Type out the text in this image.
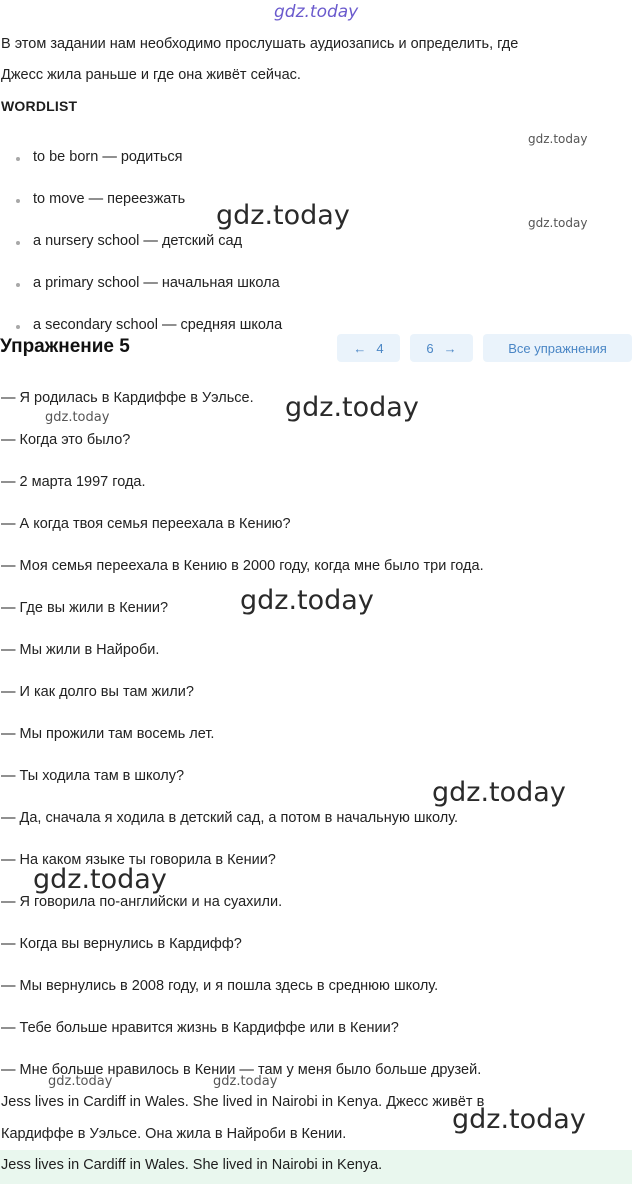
gdz.today
В этом задании нам необходимо прослушать аудиозапись и определить, где
Джесс жила раньше и где она живёт сейчас.
WORDLIST
to be born — родиться
to move — переезжать
a nursery school — детский сад
a primary school — начальная школа
a secondary school — средняя школа
Упражнение 5	← 4	6 →	Все упражнения
— Я родилась в Кардиффе в Уэльсе.
— Когда это было?
— 2 марта 1997 года.
— А когда твоя семья переехала в Кению?
— Моя семья переехала в Кению в 2000 году, когда мне было три года.
— Где вы жили в Кении?
— Мы жили в Найроби.
— И как долго вы там жили?
— Мы прожили там восемь лет.
— Ты ходила там в школу?
— Да, сначала я ходила в детский сад, а потом в начальную школу.
— На каком языке ты говорила в Кении?
— Я говорила по-английски и на суахили.
— Когда вы вернулись в Кардифф?
— Мы вернулись в 2008 году, и я пошла здесь в среднюю школу.
— Тебе больше нравится жизнь в Кардиффе или в Кении?
— Мне больше нравилось в Кении — там у меня было больше друзей.
Jess lives in Cardiff in Wales. She lived in Nairobi in Kenya. Джесс живёт в
Кардиффе в Уэльсе. Она жила в Найроби в Кении.
Jess lives in Cardiff in Wales. She lived in Nairobi in Kenya.
gdz.today
gdz.today
gdz.today
gdz.today
gdz.today
gdz.today
gdz.today
gdz.today
gdz.today	gdz.today
gdz.today
